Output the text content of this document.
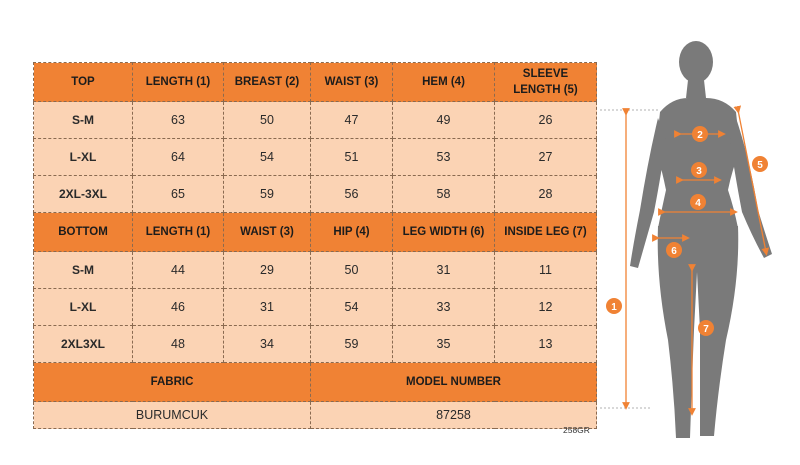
TOP	LENGTH (1)	BREAST (2)	WAIST (3)	HEM (4)	SLEEVE LENGTH (5)
S-M	63	50	47	49	26
L-XL	64	54	51	53	27
2XL-3XL	65	59	56	58	28
BOTTOM	LENGTH (1)	WAIST (3)	HIP (4)	LEG WIDTH (6)	INSIDE LEG (7)
S-M	44	29	50	31	11
L-XL	46	31	54	33	12
2XL3XL	48	34	59	35	13
FABRIC			MODEL NUMBER		
BURUMCUK			87258		
258GR
1
2
3
4
5
6
7
